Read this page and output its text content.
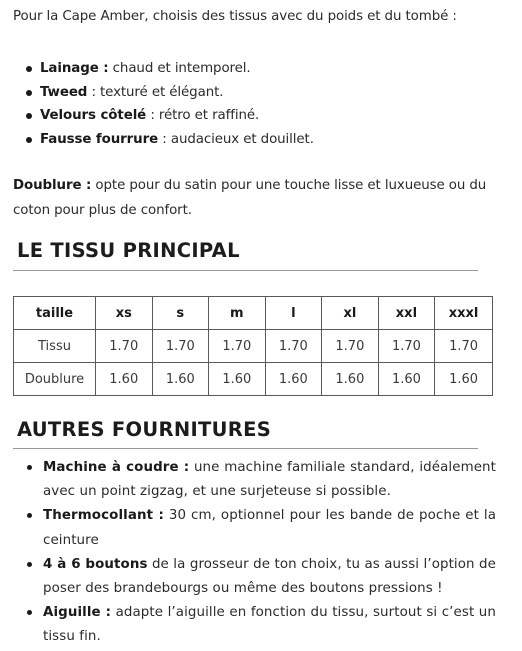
Pour la Cape Amber, choisis des tissus avec du poids et du tombé :

Lainage : chaud et intemporel.
Tweed : texturé et élégant.
Velours côtelé : rétro et raffiné.
Fausse fourrure : audacieux et douillet.

Doublure : opte pour du satin pour une touche lisse et luxueuse ou du coton pour plus de confort.

LE TISSU PRINCIPAL
taille	xs	s	m	l	xl	xxl	xxxl
Tissu	1.70	1.70	1.70	1.70	1.70	1.70	1.70
Doublure	1.60	1.60	1.60	1.60	1.60	1.60	1.60
AUTRES FOURNITURES
Machine à coudre : une machine familiale standard, idéalement avec un point zigzag, et une surjeteuse si possible.
Thermocollant : 30 cm, optionnel pour les bande de poche et la ceinture
4 à 6 boutons de la grosseur de ton choix, tu as aussi l’option de poser des brandebourgs ou même des boutons pressions !
Aiguille : adapte l’aiguille en fonction du tissu, surtout si c’est un tissu fin.
